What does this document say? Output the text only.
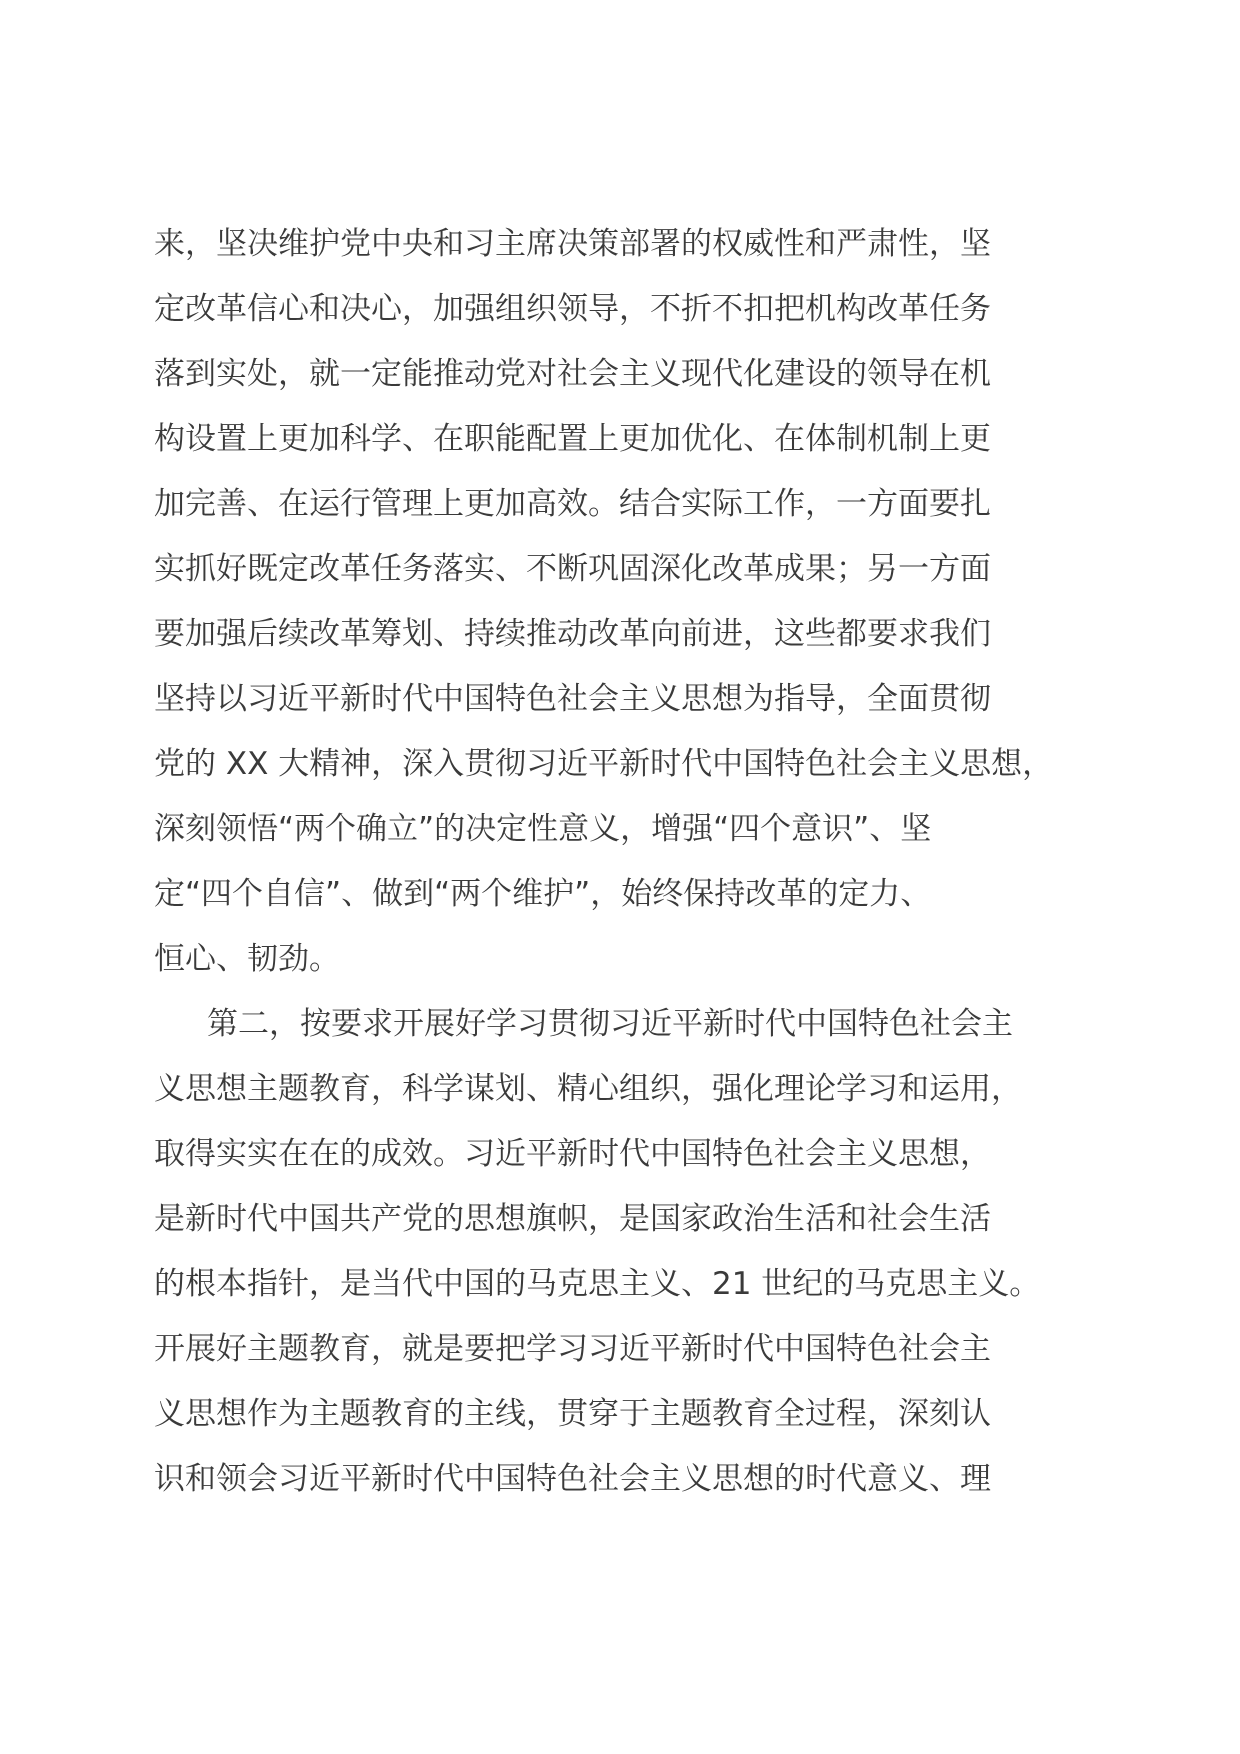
来，坚决维护党中央和习主席决策部署的权威性和严肃性，坚
定改革信心和决心，加强组织领导，不折不扣把机构改革任务
落到实处，就一定能推动党对社会主义现代化建设的领导在机
构设置上更加科学、在职能配置上更加优化、在体制机制上更
加完善、在运行管理上更加高效。结合实际工作，一方面要扎
实抓好既定改革任务落实、不断巩固深化改革成果；另一方面
要加强后续改革筹划、持续推动改革向前进，这些都要求我们
坚持以习近平新时代中国特色社会主义思想为指导，全面贯彻
党的 XX 大精神，深入贯彻习近平新时代中国特色社会主义思想，
深刻领悟“两个确立”的决定性意义，增强“四个意识”、坚
定“四个自信”、做到“两个维护”，始终保持改革的定力、
恒心、韧劲。
第二，按要求开展好学习贯彻习近平新时代中国特色社会主
义思想主题教育，科学谋划、精心组织，强化理论学习和运用，
取得实实在在的成效。习近平新时代中国特色社会主义思想，
是新时代中国共产党的思想旗帜，是国家政治生活和社会生活
的根本指针，是当代中国的马克思主义、21 世纪的马克思主义。
开展好主题教育，就是要把学习习近平新时代中国特色社会主
义思想作为主题教育的主线，贯穿于主题教育全过程，深刻认
识和领会习近平新时代中国特色社会主义思想的时代意义、理
